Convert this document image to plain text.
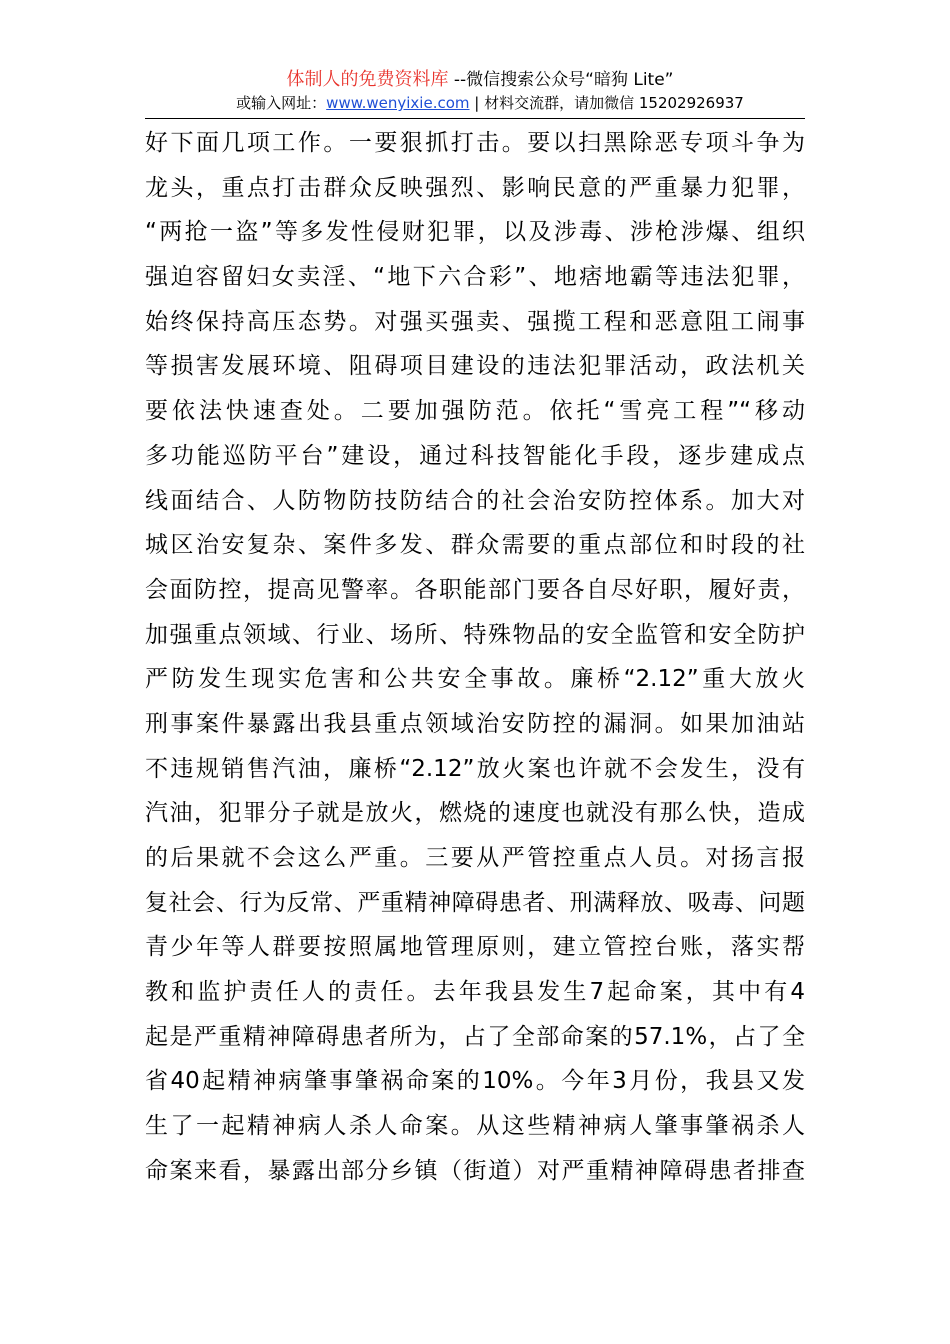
体制人的免费资料库 --微信搜索公众号“暗狗 Lite”
或输入网址：www.wenyixie.com | 材料交流群，请加微信 15202926937
好下面几项工作。一要狠抓打击。要以扫黑除恶专项斗争为
龙头，重点打击群众反映强烈、影响民意的严重暴力犯罪，
“两抢一盗”等多发性侵财犯罪，以及涉毒、涉枪涉爆、组织
强迫容留妇女卖淫、“地下六合彩”、地痞地霸等违法犯罪，
始终保持高压态势。对强买强卖、强揽工程和恶意阻工闹事
等损害发展环境、阻碍项目建设的违法犯罪活动，政法机关
要依法快速查处。二要加强防范。依托“雪亮工程”“移动
多功能巡防平台”建设，通过科技智能化手段，逐步建成点
线面结合、人防物防技防结合的社会治安防控体系。加大对
城区治安复杂、案件多发、群众需要的重点部位和时段的社
会面防控，提高见警率。各职能部门要各自尽好职，履好责，
加强重点领域、行业、场所、特殊物品的安全监管和安全防护
严防发生现实危害和公共安全事故。廉桥“2.12”重大放火
刑事案件暴露出我县重点领域治安防控的漏洞。如果加油站
不违规销售汽油，廉桥“2.12”放火案也许就不会发生，没有
汽油，犯罪分子就是放火，燃烧的速度也就没有那么快，造成
的后果就不会这么严重。三要从严管控重点人员。对扬言报
复社会、行为反常、严重精神障碍患者、刑满释放、吸毒、问题
青少年等人群要按照属地管理原则，建立管控台账，落实帮
教和监护责任人的责任。去年我县发生7起命案，其中有4
起是严重精神障碍患者所为，占了全部命案的57.1%，占了全
省40起精神病肇事肇祸命案的10%。今年3月份，我县又发
生了一起精神病人杀人命案。从这些精神病人肇事肇祸杀人
命案来看，暴露出部分乡镇（街道）对严重精神障碍患者排查
